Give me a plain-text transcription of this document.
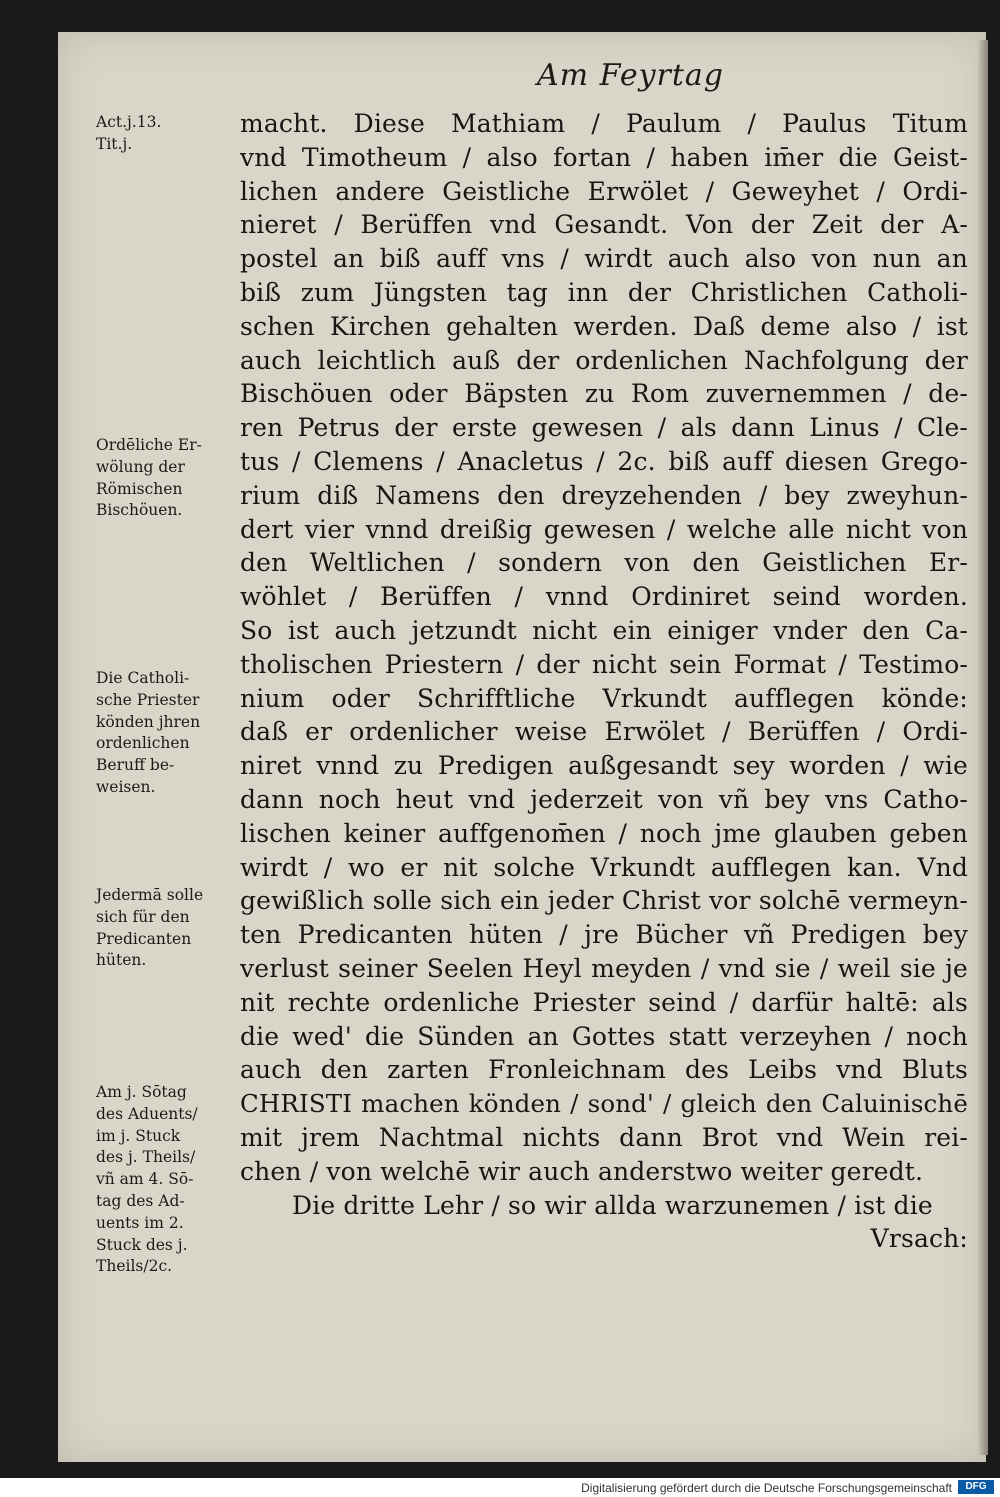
Am Feyrtag
Act.j.13.
Tit.j.
Ordēliche Er-
wölung der
Römischen
Bischöuen.
Die Catholi-
sche Priester
könden jhren
ordenlichen
Beruff be-
weisen.
Jedermā solle
sich für den
Predicanten
hüten.
Am j. Sōtag
des Aduents/
im j. Stuck
des j. Theils/
vñ am 4. Sō-
tag des Ad-
uents im 2.
Stuck des j.
Theils/2c.
macht. Diese Mathiam / Paulum / Paulus Titum
vnd Timotheum / also fortan / haben im̄er die Geist-
lichen andere Geistliche Erwölet / Geweyhet / Ordi-
nieret / Berüffen vnd Gesandt. Von der Zeit der A-
postel an biß auff vns / wirdt auch also von nun an
biß zum Jüngsten tag inn der Christlichen Catholi-
schen Kirchen gehalten werden. Daß deme also / ist
auch leichtlich auß der ordenlichen Nachfolgung der
Bischöuen oder Bäpsten zu Rom zuvernemmen / de-
ren Petrus der erste gewesen / als dann Linus / Cle-
tus / Clemens / Anacletus / 2c. biß auff diesen Grego-
rium diß Namens den dreyzehenden / bey zweyhun-
dert vier vnnd dreißig gewesen / welche alle nicht von
den Weltlichen / sondern von den Geistlichen Er-
wöhlet / Berüffen / vnnd Ordiniret seind worden.
So ist auch jetzundt nicht ein einiger vnder den Ca-
tholischen Priestern / der nicht sein Format / Testimo-
nium oder Schrifftliche Vrkundt aufflegen könde:
daß er ordenlicher weise Erwölet / Berüffen / Ordi-
niret vnnd zu Predigen außgesandt sey worden / wie
dann noch heut vnd jederzeit von vñ bey vns Catho-
lischen keiner auffgenom̄en / noch jme glauben geben
wirdt / wo er nit solche Vrkundt aufflegen kan. Vnd
gewißlich solle sich ein jeder Christ vor solchē vermeyn-
ten Predicanten hüten / jre Bücher vñ Predigen bey
verlust seiner Seelen Heyl meyden / vnd sie / weil sie je
nit rechte ordenliche Priester seind / darfür haltē: als
die wed' die Sünden an Gottes statt verzeyhen / noch
auch den zarten Fronleichnam des Leibs vnd Bluts
CHRISTI machen könden / sond' / gleich den Caluinischē
mit jrem Nachtmal nichts dann Brot vnd Wein rei-
chen / von welchē wir auch anderstwo weiter geredt.
Die dritte Lehr / so wir allda warzunemen / ist die
Vrsach:
Digitalisierung gefördert durch die Deutsche Forschungsgemeinschaft	DFG
